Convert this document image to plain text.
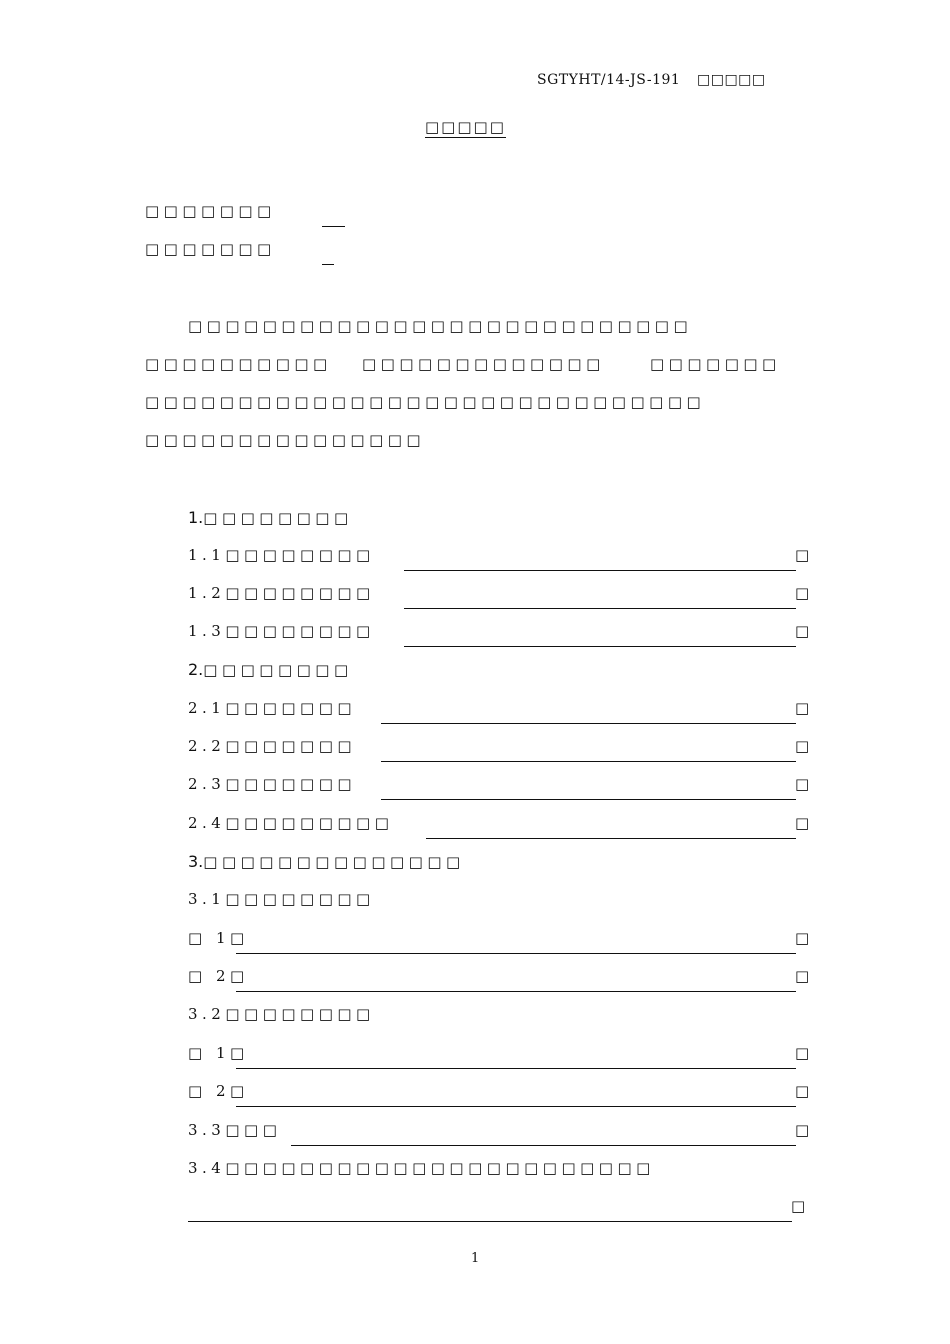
SGTYHT/14-JS-191 □□□□□
□□□□□
□□□□□□□
□□□□□□□
□□□□□□□□□□□□□□□□□□□□□□□□□□□
□□□□□□□□□□ □□□□□□□□□□□□□	□□□□□□□
□□□□□□□□□□□□□□□□□□□□□□□□□□□□□□
□□□□□□□□□□□□□□□
1.□□□□□□□□
1.1□□□□□□□□	□
1.2□□□□□□□□	□
1.3□□□□□□□□	□
2.□□□□□□□□
2.1□□□□□□□	□
2.2□□□□□□□	□
2.3□□□□□□□	□
2.4□□□□□□□□□	□
3.□□□□□□□□□□□□□□
3.1□□□□□□□□
□ 1□	□
□ 2□	□
3.2□□□□□□□□
□ 1□	□
□ 2□	□
3.3□□□	□
3.4□□□□□□□□□□□□□□□□□□□□□□□
□
1
